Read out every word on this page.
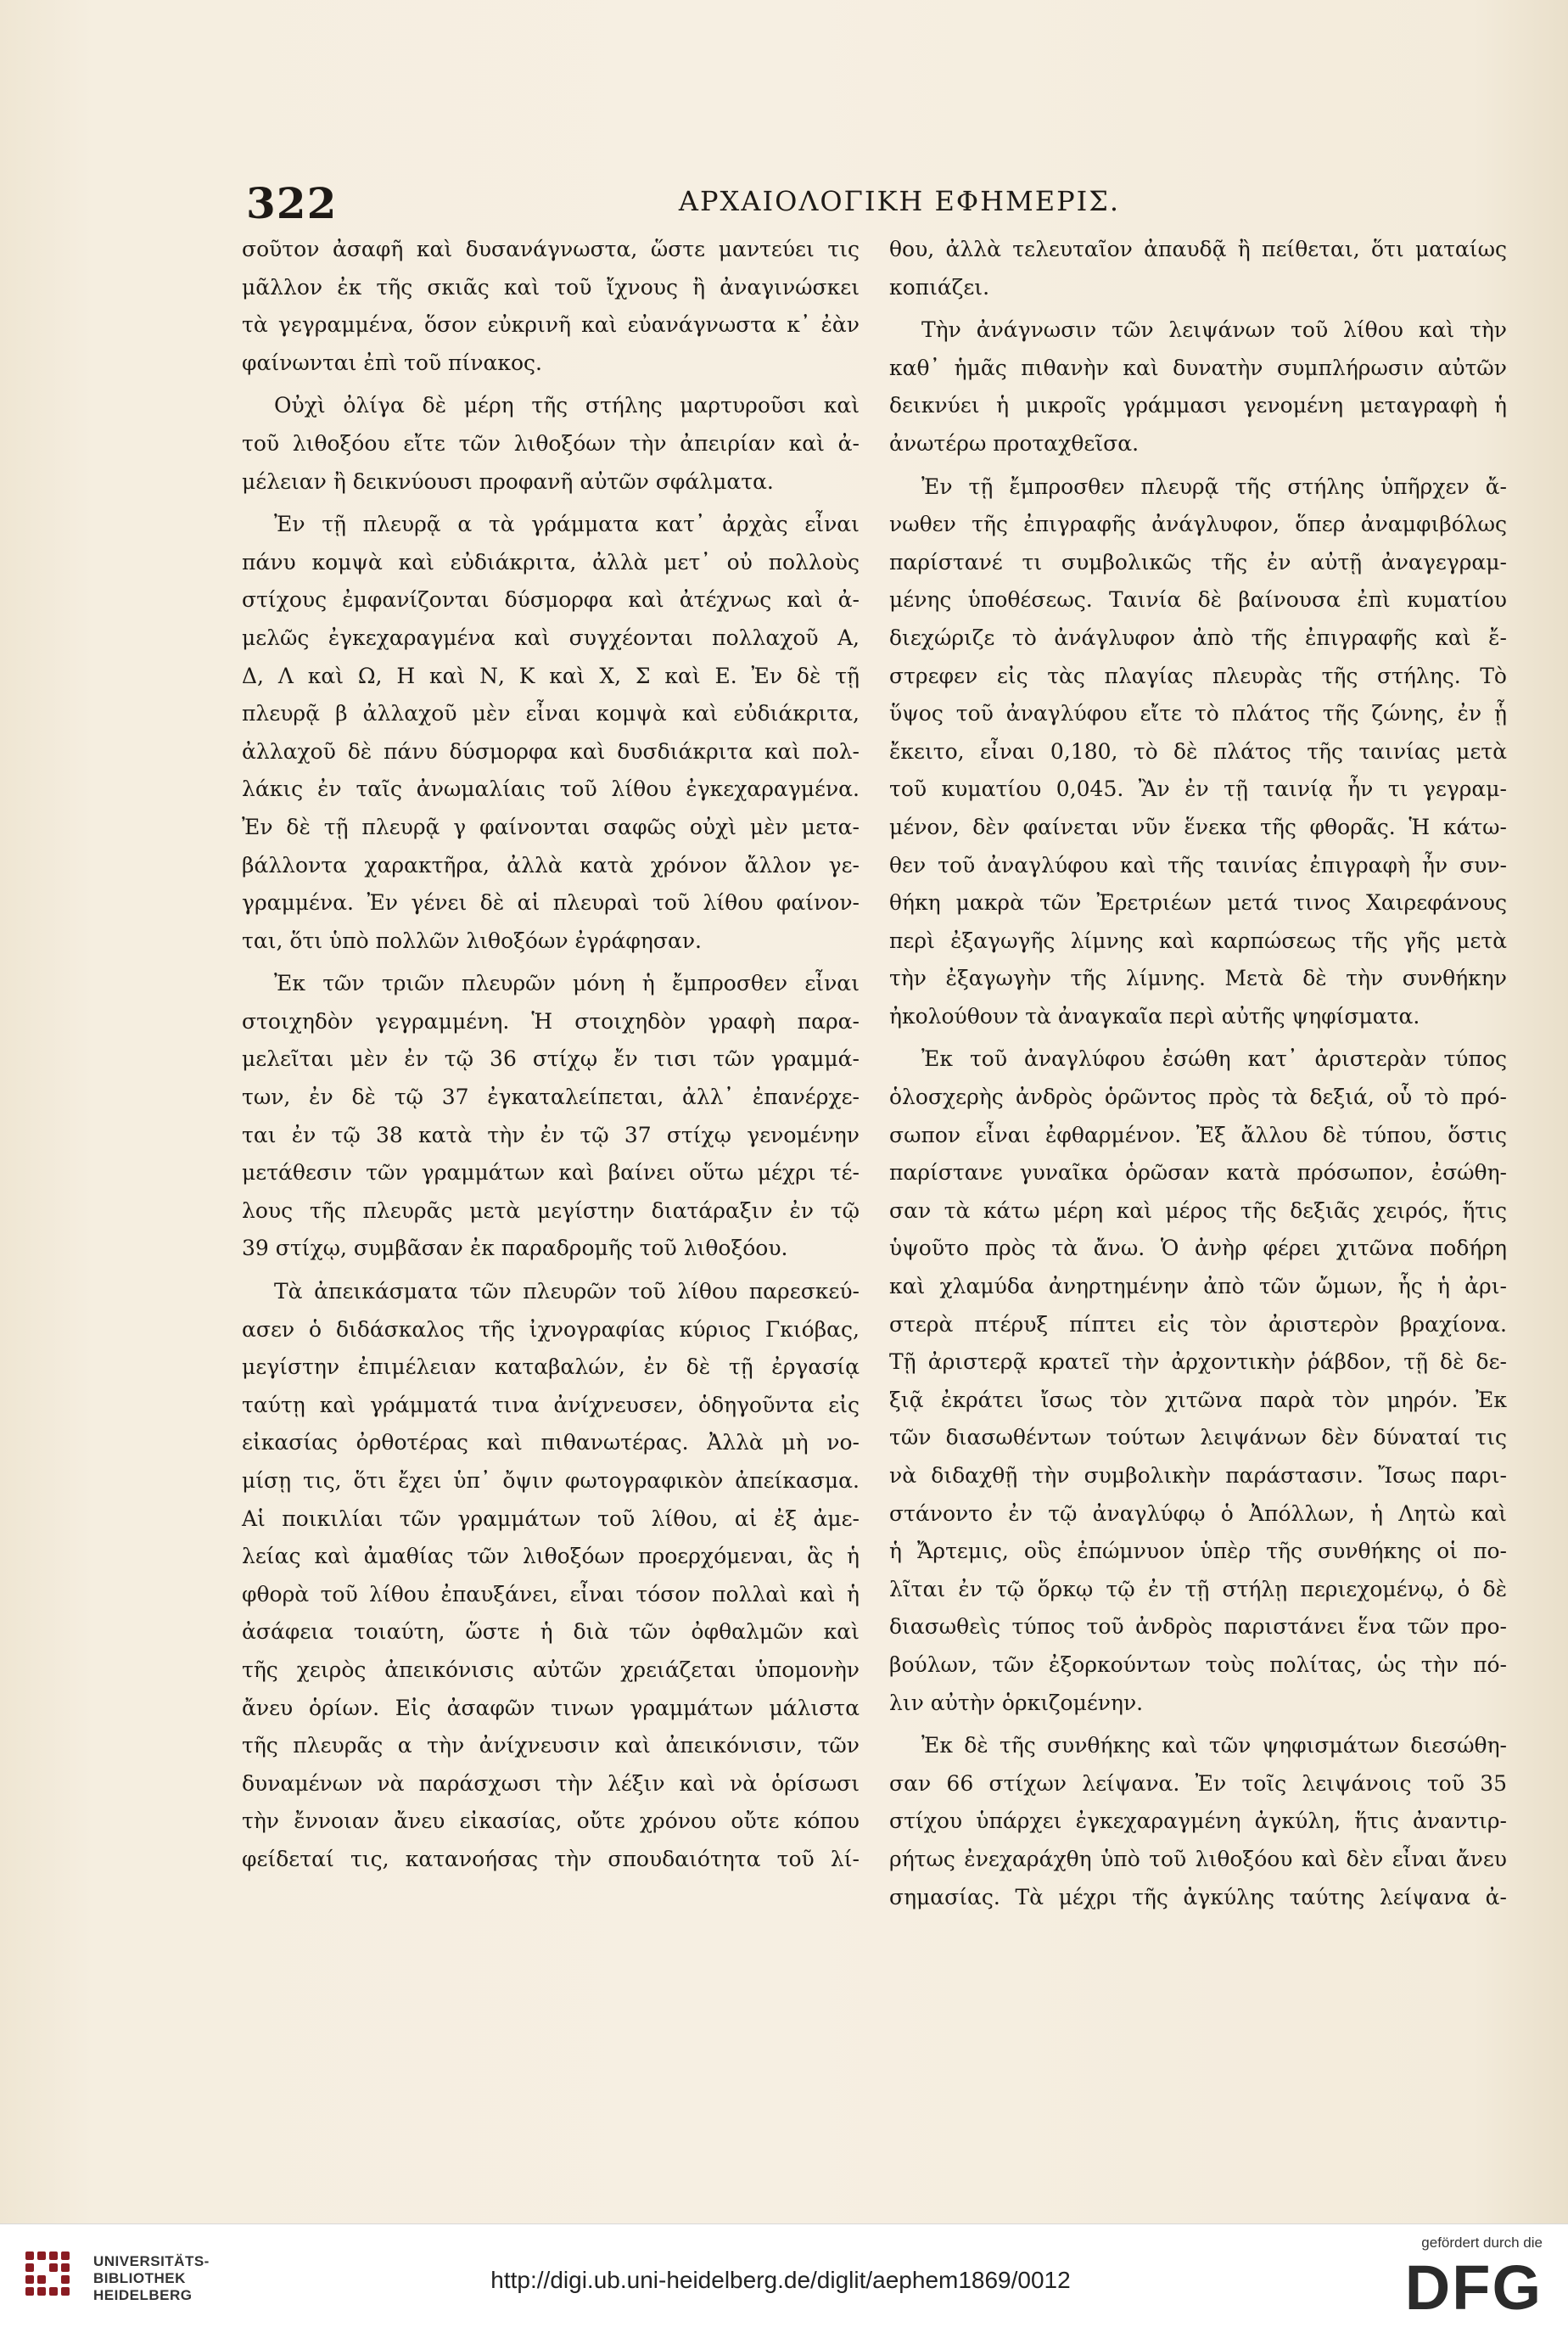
322	ΑΡΧΑΙΟΛΟΓΙΚΗ ΕΦΗΜΕΡΙΣ.

σοῦτον ἀσαφῆ καὶ δυσανάγνωστα, ὥστε μαντεύει τις

μᾶλλον ἐκ τῆς σκιᾶς καὶ τοῦ ἴχνους ἢ ἀναγινώσκει

τὰ γεγραμμένα, ὅσον εὐκρινῆ καὶ εὐανάγνωστα κ᾽ ἐὰν

φαίνωνται ἐπὶ τοῦ πίνακος.

Οὐχὶ ὀλίγα δὲ μέρη τῆς στήλης μαρτυροῦσι καὶ

τοῦ λιθοξόου εἴτε τῶν λιθοξόων τὴν ἀπειρίαν καὶ ἀ-

μέλειαν ἢ δεικνύουσι προφανῆ αὐτῶν σφάλματα.

Ἐν τῇ πλευρᾷ α τὰ γράμματα κατ᾽ ἀρχὰς εἶναι

πάνυ κομψὰ καὶ εὐδιάκριτα, ἀλλὰ μετ᾽ οὐ πολλοὺς

στίχους ἐμφανίζονται δύσμορφα καὶ ἀτέχνως καὶ ἀ-

μελῶς ἐγκεχαραγμένα καὶ συγχέονται πολλαχοῦ Α,

Δ, Λ καὶ Ω, Η καὶ Ν, Κ καὶ Χ, Σ καὶ Ε. Ἐν δὲ τῇ

πλευρᾷ β ἀλλαχοῦ μὲν εἶναι κομψὰ καὶ εὐδιάκριτα,

ἀλλαχοῦ δὲ πάνυ δύσμορφα καὶ δυσδιάκριτα καὶ πολ-

λάκις ἐν ταῖς ἀνωμαλίαις τοῦ λίθου ἐγκεχαραγμένα.

Ἐν δὲ τῇ πλευρᾷ γ φαίνονται σαφῶς οὐχὶ μὲν μετα-

βάλλοντα χαρακτῆρα, ἀλλὰ κατὰ χρόνον ἄλλον γε-

γραμμένα. Ἐν γένει δὲ αἱ πλευραὶ τοῦ λίθου φαίνον-

ται, ὅτι ὑπὸ πολλῶν λιθοξόων ἐγράφησαν.

Ἐκ τῶν τριῶν πλευρῶν μόνη ἡ ἔμπροσθεν εἶναι

στοιχηδὸν γεγραμμένη. Ἡ στοιχηδὸν γραφὴ παρα-

μελεῖται μὲν ἐν τῷ 36 στίχῳ ἔν τισι τῶν γραμμά-

των, ἐν δὲ τῷ 37 ἐγκαταλείπεται, ἀλλ᾽ ἐπανέρχε-

ται ἐν τῷ 38 κατὰ τὴν ἐν τῷ 37 στίχῳ γενομένην

μετάθεσιν τῶν γραμμάτων καὶ βαίνει οὕτω μέχρι τέ-

λους τῆς πλευρᾶς μετὰ μεγίστην διατάραξιν ἐν τῷ

39 στίχῳ, συμβᾶσαν ἐκ παραδρομῆς τοῦ λιθοξόου.

Τὰ ἀπεικάσματα τῶν πλευρῶν τοῦ λίθου παρεσκεύ-

ασεν ὁ διδάσκαλος τῆς ἰχνογραφίας κύριος Γκιόβας,

μεγίστην ἐπιμέλειαν καταβαλών, ἐν δὲ τῇ ἐργασίᾳ

ταύτῃ καὶ γράμματά τινα ἀνίχνευσεν, ὁδηγοῦντα εἰς

εἰκασίας ὀρθοτέρας καὶ πιθανωτέρας. Ἀλλὰ μὴ νο-

μίσῃ τις, ὅτι ἔχει ὑπ᾽ ὄψιν φωτογραφικὸν ἀπείκασμα.

Αἱ ποικιλίαι τῶν γραμμάτων τοῦ λίθου, αἱ ἐξ ἀμε-

λείας καὶ ἀμαθίας τῶν λιθοξόων προερχόμεναι, ἃς ἡ

φθορὰ τοῦ λίθου ἐπαυξάνει, εἶναι τόσον πολλαὶ καὶ ἡ

ἀσάφεια τοιαύτη, ὥστε ἡ διὰ τῶν ὀφθαλμῶν καὶ

τῆς χειρὸς ἀπεικόνισις αὐτῶν χρειάζεται ὑπομονὴν

ἄνευ ὁρίων. Εἰς ἀσαφῶν τινων γραμμάτων μάλιστα

τῆς πλευρᾶς α τὴν ἀνίχνευσιν καὶ ἀπεικόνισιν, τῶν

δυναμένων νὰ παράσχωσι τὴν λέξιν καὶ νὰ ὁρίσωσι

τὴν ἔννοιαν ἄνευ εἰκασίας, οὔτε χρόνου οὔτε κόπου

φείδεταί τις, κατανοήσας τὴν σπουδαιότητα τοῦ λί-

θου, ἀλλὰ τελευταῖον ἀπαυδᾷ ἢ πείθεται, ὅτι ματαίως

κοπιάζει.

Τὴν ἀνάγνωσιν τῶν λειψάνων τοῦ λίθου καὶ τὴν

καθ᾽ ἡμᾶς πιθανὴν καὶ δυνατὴν συμπλήρωσιν αὐτῶν

δεικνύει ἡ μικροῖς γράμμασι γενομένη μεταγραφὴ ἡ

ἀνωτέρω προταχθεῖσα.

Ἐν τῇ ἔμπροσθεν πλευρᾷ τῆς στήλης ὑπῆρχεν ἄ-

νωθεν τῆς ἐπιγραφῆς ἀνάγλυφον, ὅπερ ἀναμφιβόλως

παρίστανέ τι συμβολικῶς τῆς ἐν αὐτῇ ἀναγεγραμ-

μένης ὑποθέσεως. Ταινία δὲ βαίνουσα ἐπὶ κυματίου

διεχώριζε τὸ ἀνάγλυφον ἀπὸ τῆς ἐπιγραφῆς καὶ ἔ-

στρεφεν εἰς τὰς πλαγίας πλευρὰς τῆς στήλης. Τὸ

ὕψος τοῦ ἀναγλύφου εἴτε τὸ πλάτος τῆς ζώνης, ἐν ᾗ

ἔκειτο, εἶναι 0,180, τὸ δὲ πλάτος τῆς ταινίας μετὰ

τοῦ κυματίου 0,045. Ἂν ἐν τῇ ταινίᾳ ἦν τι γεγραμ-

μένον, δὲν φαίνεται νῦν ἕνεκα τῆς φθορᾶς. Ἡ κάτω-

θεν τοῦ ἀναγλύφου καὶ τῆς ταινίας ἐπιγραφὴ ἦν συν-

θήκη μακρὰ τῶν Ἐρετριέων μετά τινος Χαιρεφάνους

περὶ ἐξαγωγῆς λίμνης καὶ καρπώσεως τῆς γῆς μετὰ

τὴν ἐξαγωγὴν τῆς λίμνης. Μετὰ δὲ τὴν συνθήκην

ἠκολούθουν τὰ ἀναγκαῖα περὶ αὐτῆς ψηφίσματα.

Ἐκ τοῦ ἀναγλύφου ἐσώθη κατ᾽ ἀριστερὰν τύπος

ὁλοσχερὴς ἀνδρὸς ὁρῶντος πρὸς τὰ δεξιά, οὗ τὸ πρό-

σωπον εἶναι ἐφθαρμένον. Ἐξ ἄλλου δὲ τύπου, ὅστις

παρίστανε γυναῖκα ὁρῶσαν κατὰ πρόσωπον, ἐσώθη-

σαν τὰ κάτω μέρη καὶ μέρος τῆς δεξιᾶς χειρός, ἥτις

ὑψοῦτο πρὸς τὰ ἄνω. Ὁ ἀνὴρ φέρει χιτῶνα ποδήρη

καὶ χλαμύδα ἀνηρτημένην ἀπὸ τῶν ὤμων, ἧς ἡ ἀρι-

στερὰ πτέρυξ πίπτει εἰς τὸν ἀριστερὸν βραχίονα.

Τῇ ἀριστερᾷ κρατεῖ τὴν ἀρχοντικὴν ῥάβδον, τῇ δὲ δε-

ξιᾷ ἐκράτει ἴσως τὸν χιτῶνα παρὰ τὸν μηρόν. Ἐκ

τῶν διασωθέντων τούτων λειψάνων δὲν δύναταί τις

νὰ διδαχθῇ τὴν συμβολικὴν παράστασιν. Ἴσως παρι-

στάνοντο ἐν τῷ ἀναγλύφῳ ὁ Ἀπόλλων, ἡ Λητὼ καὶ

ἡ Ἄρτεμις, οὓς ἐπώμνυον ὑπὲρ τῆς συνθήκης οἱ πο-

λῖται ἐν τῷ ὅρκῳ τῷ ἐν τῇ στήλῃ περιεχομένῳ, ὁ δὲ

διασωθεὶς τύπος τοῦ ἀνδρὸς παριστάνει ἕνα τῶν προ-

βούλων, τῶν ἐξορκούντων τοὺς πολίτας, ὡς τὴν πό-

λιν αὐτὴν ὁρκιζομένην.

Ἐκ δὲ τῆς συνθήκης καὶ τῶν ψηφισμάτων διεσώθη-

σαν 66 στίχων λείψανα. Ἐν τοῖς λειψάνοις τοῦ 35

στίχου ὑπάρχει ἐγκεχαραγμένη ἀγκύλη, ἥτις ἀναντιρ-

ρήτως ἐνεχαράχθη ὑπὸ τοῦ λιθοξόου καὶ δὲν εἶναι ἄνευ

σημασίας. Τὰ μέχρι τῆς ἀγκύλης ταύτης λείψανα ἀ-

UNIVERSITÄTS-
BIBLIOTHEK
HEIDELBERG
http://digi.ub.uni-heidelberg.de/diglit/aephem1869/0012
gefördert durch die
DFG
